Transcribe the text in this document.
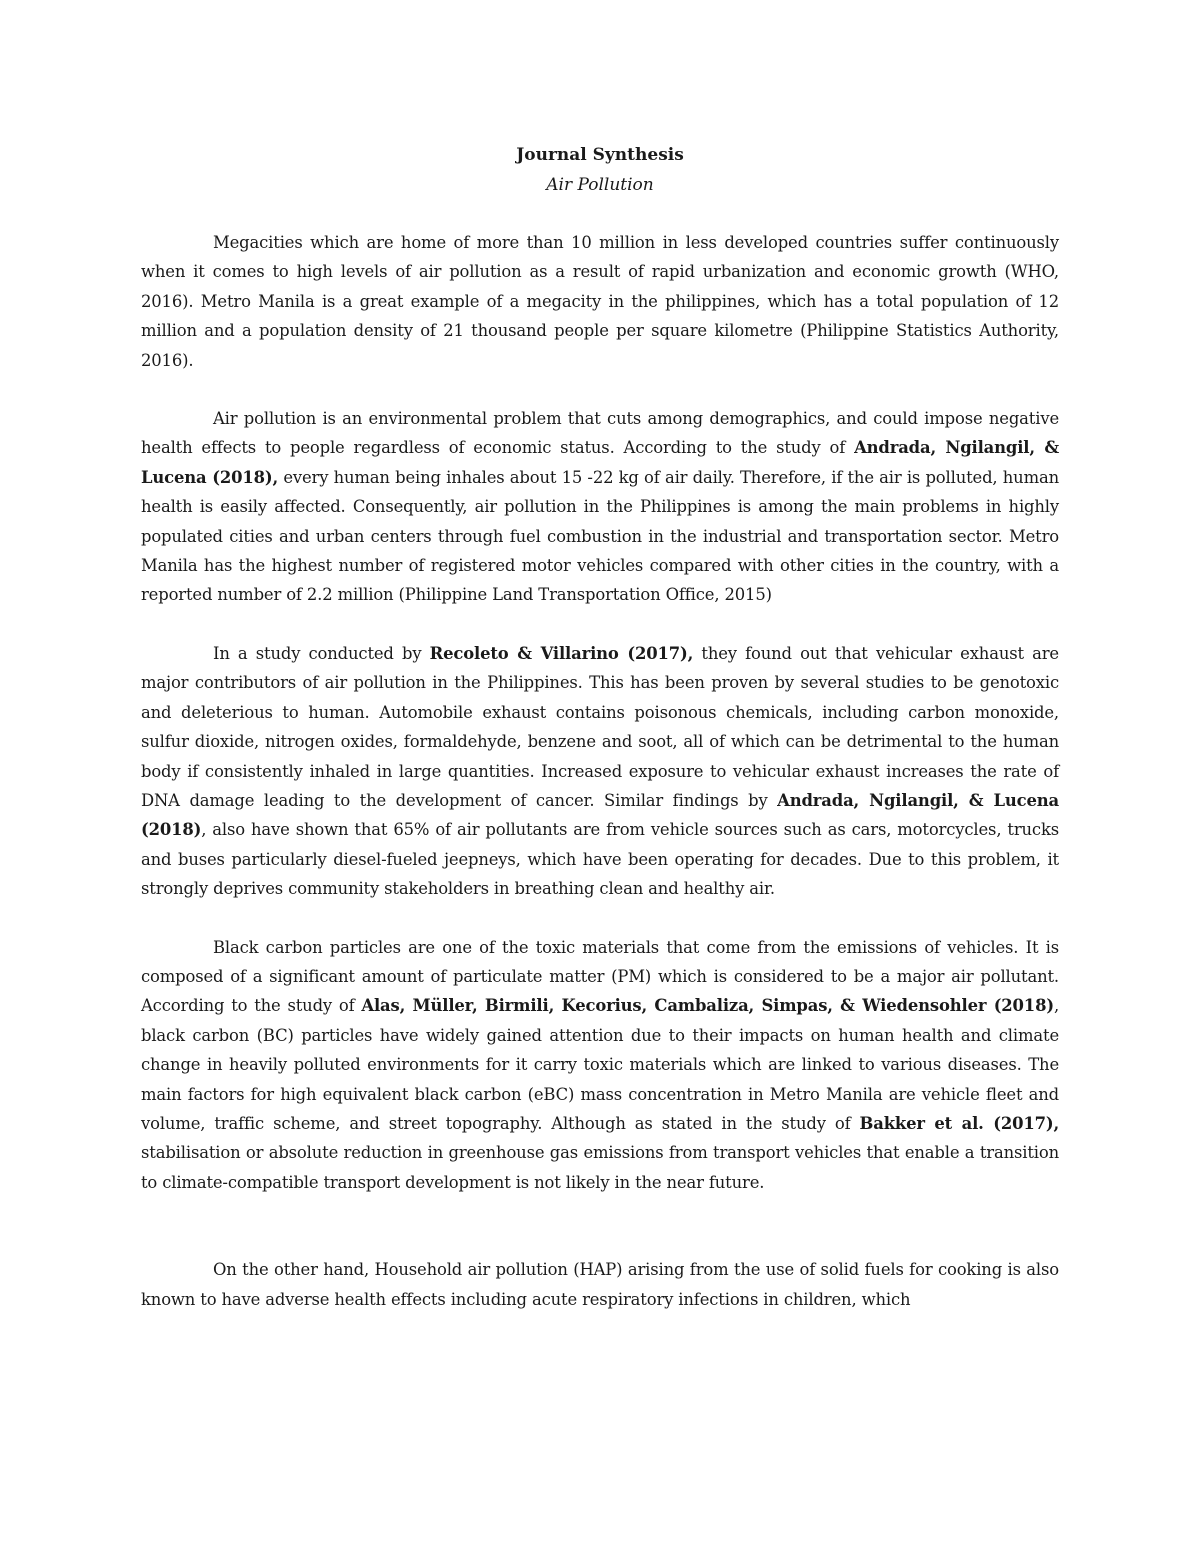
Journal Synthesis

Air Pollution

Megacities which are home of more than 10 million in less developed countries suffer continuously when it comes to high levels of air pollution as a result of rapid urbanization and economic growth (WHO, 2016). Metro Manila is a great example of a megacity in the philippines, which has a total population of 12 million and a population density of 21 thousand people per square kilometre (Philippine Statistics Authority, 2016).

Air pollution is an environmental problem that cuts among demographics, and could impose negative health effects to people regardless of economic status. According to the study of Andrada, Ngilangil, & Lucena (2018), every human being inhales about 15 -22 kg of air daily. Therefore, if the air is polluted, human health is easily affected. Consequently, air pollution in the Philippines is among the main problems in highly populated cities and urban centers through fuel combustion in the industrial and transportation sector. Metro Manila has the highest number of registered motor vehicles compared with other cities in the country, with a reported number of 2.2 million (Philippine Land Transportation Office, 2015)

In a study conducted by Recoleto & Villarino (2017), they found out that vehicular exhaust are major contributors of air pollution in the Philippines. This has been proven by several studies to be genotoxic and deleterious to human. Automobile exhaust contains poisonous chemicals, including carbon monoxide, sulfur dioxide, nitrogen oxides, formaldehyde, benzene and soot, all of which can be detrimental to the human body if consistently inhaled in large quantities. Increased exposure to vehicular exhaust increases the rate of DNA damage leading to the development of cancer. Similar findings by Andrada, Ngilangil, & Lucena (2018), also have shown that 65% of air pollutants are from vehicle sources such as cars, motorcycles, trucks and buses particularly diesel-fueled jeepneys, which have been operating for decades. Due to this problem, it strongly deprives community stakeholders in breathing clean and healthy air.

Black carbon particles are one of the toxic materials that come from the emissions of vehicles. It is composed of a significant amount of particulate matter (PM) which is considered to be a major air pollutant. According to the study of Alas, Müller, Birmili, Kecorius, Cambaliza, Simpas, & Wiedensohler (2018), black carbon (BC) particles have widely gained attention due to their impacts on human health and climate change in heavily polluted environments for it carry toxic materials which are linked to various diseases. The main factors for high equivalent black carbon (eBC) mass concentration in Metro Manila are vehicle fleet and volume, traffic scheme, and street topography. Although as stated in the study of Bakker et al. (2017), stabilisation or absolute reduction in greenhouse gas emissions from transport vehicles that enable a transition to climate-compatible transport development is not likely in the near future.

On the other hand, Household air pollution (HAP) arising from the use of solid fuels for cooking is also known to have adverse health effects including acute respiratory infections in children, which
